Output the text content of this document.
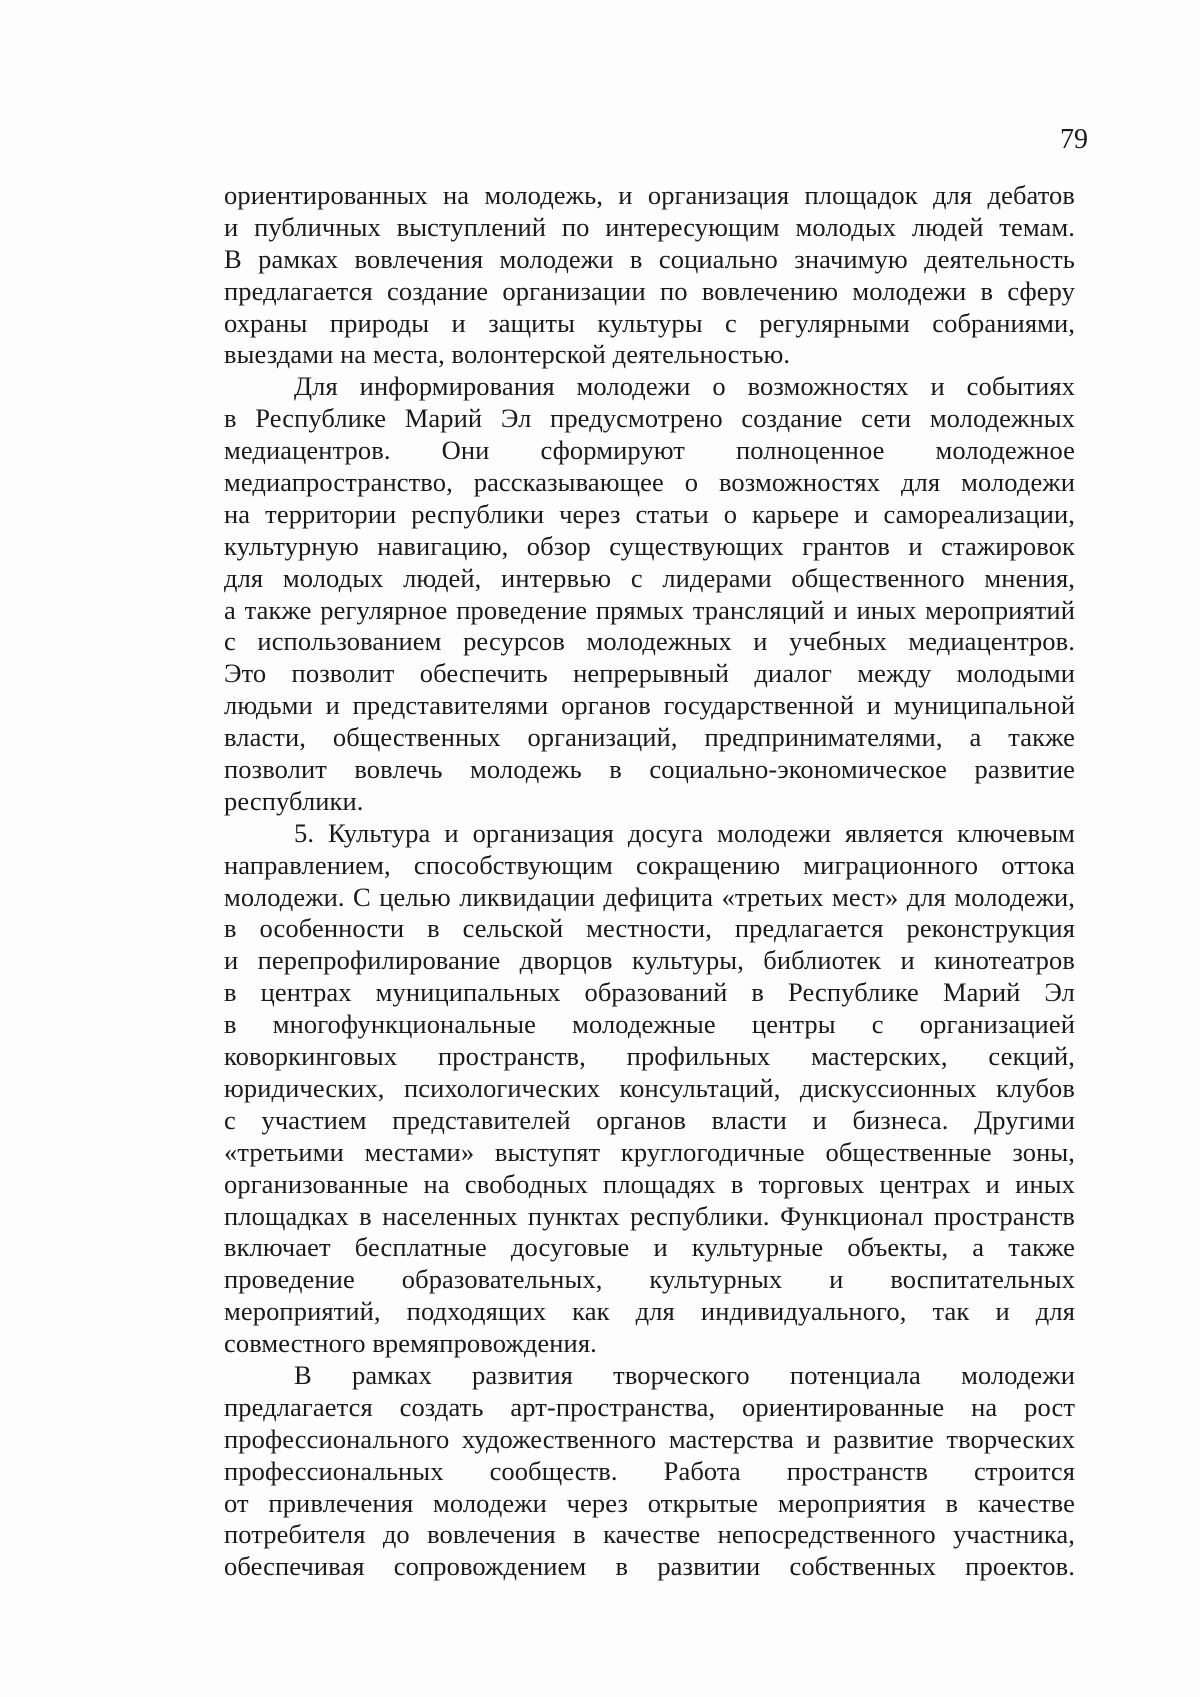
79

ориентированных на молодежь, и организация площадок для дебатов
и публичных выступлений по интересующим молодых людей темам.
В рамках вовлечения молодежи в социально значимую деятельность
предлагается создание организации по вовлечению молодежи в сферу
охраны природы и защиты культуры с регулярными собраниями,
выездами на места, волонтерской деятельностью.
Для информирования молодежи о возможностях и событиях
в Республике Марий Эл предусмотрено создание сети молодежных
медиацентров. Они сформируют полноценное молодежное
медиапространство, рассказывающее о возможностях для молодежи
на территории республики через статьи о карьере и самореализации,
культурную навигацию, обзор существующих грантов и стажировок
для молодых людей, интервью с лидерами общественного мнения,
а также регулярное проведение прямых трансляций и иных мероприятий
с использованием ресурсов молодежных и учебных медиацентров.
Это позволит обеспечить непрерывный диалог между молодыми
людьми и представителями органов государственной и муниципальной
власти, общественных организаций, предпринимателями, а также
позволит вовлечь молодежь в социально-экономическое развитие
республики.
5. Культура и организация досуга молодежи является ключевым
направлением, способствующим сокращению миграционного оттока
молодежи. С целью ликвидации дефицита «третьих мест» для молодежи,
в особенности в сельской местности, предлагается реконструкция
и перепрофилирование дворцов культуры, библиотек и кинотеатров
в центрах муниципальных образований в Республике Марий Эл
в многофункциональные молодежные центры с организацией
коворкинговых пространств, профильных мастерских, секций,
юридических, психологических консультаций, дискуссионных клубов
с участием представителей органов власти и бизнеса. Другими
«третьими местами» выступят круглогодичные общественные зоны,
организованные на свободных площадях в торговых центрах и иных
площадках в населенных пунктах республики. Функционал пространств
включает бесплатные досуговые и культурные объекты, а также
проведение образовательных, культурных и воспитательных
мероприятий, подходящих как для индивидуального, так и для
совместного времяпровождения.
В рамках развития творческого потенциала молодежи
предлагается создать арт-пространства, ориентированные на рост
профессионального художественного мастерства и развитие творческих
профессиональных сообществ. Работа пространств строится
от привлечения молодежи через открытые мероприятия в качестве
потребителя до вовлечения в качестве непосредственного участника,
обеспечивая сопровождением в развитии собственных проектов.
